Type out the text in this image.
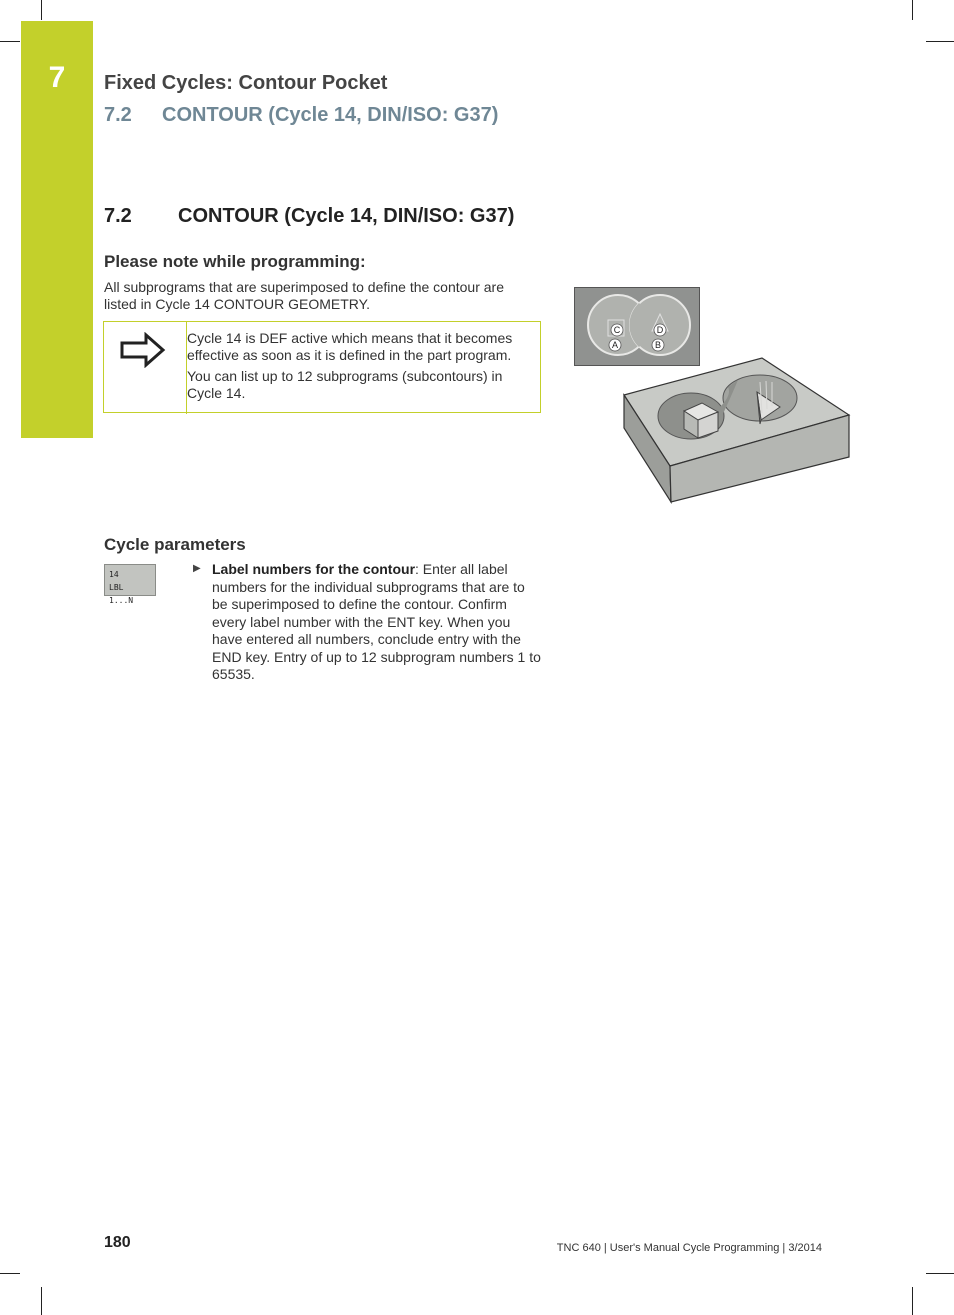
7	Fixed Cycles: Contour Pocket
7.2 CONTOUR (Cycle 14, DIN/ISO: G37)
7.2 CONTOUR (Cycle 14, DIN/ISO: G37)
Please note while programming:

All subprograms that are superimposed to define the contour are listed in Cycle 14 CONTOUR GEOMETRY.

Cycle 14 is DEF active which means that it becomes effective as soon as it is defined in the part program.

You can list up to 12 subprograms (subcontours) in Cycle 14.

C	D
A	B
Cycle parameters
14
LBL 1...N
▶ Label numbers for the contour: Enter all label numbers for the individual subprograms that are to be superimposed to define the contour. Confirm every label number with the ENT key. When you have entered all numbers, conclude entry with the END key. Entry of up to 12 subprogram numbers 1 to 65535.

180	TNC 640 | User's Manual Cycle Programming | 3/2014
